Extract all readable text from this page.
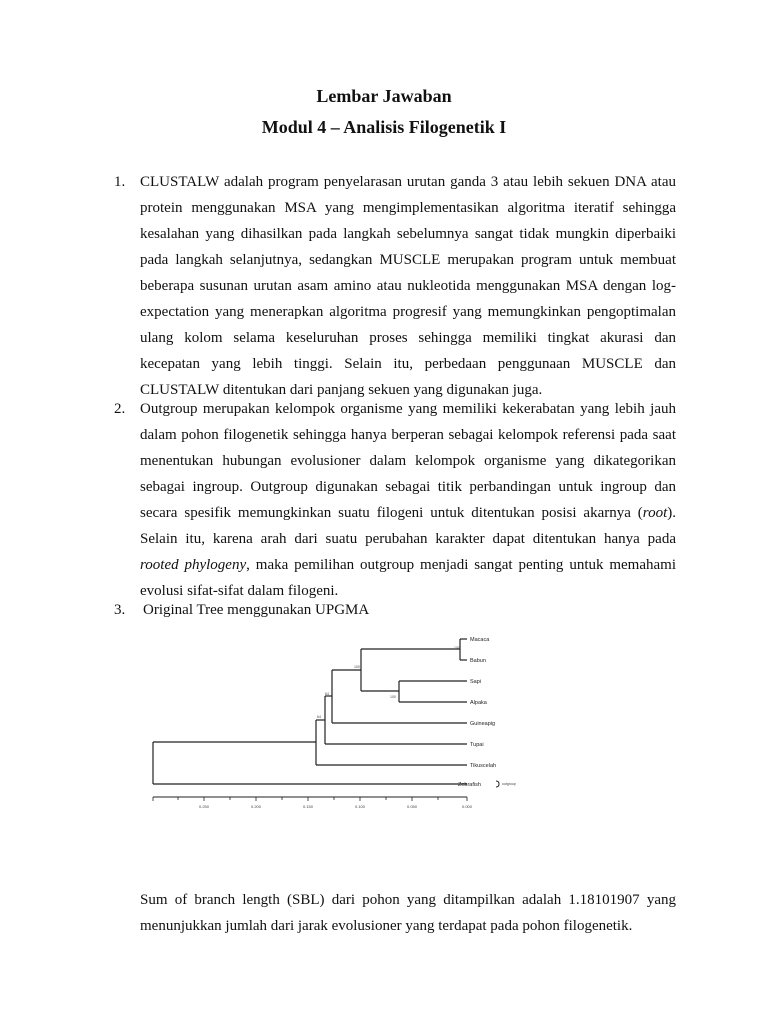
Lembar Jawaban
Modul 4 – Analisis Filogenetik I
1. CLUSTALW adalah program penyelarasan urutan ganda 3 atau lebih sekuen DNA atau
protein menggunakan MSA yang mengimplementasikan algoritma iteratif sehingga
kesalahan yang dihasilkan pada langkah sebelumnya sangat tidak mungkin diperbaiki
pada langkah selanjutnya, sedangkan MUSCLE merupakan program untuk membuat
beberapa susunan urutan asam amino atau nukleotida menggunakan MSA dengan log-
expectation yang menerapkan algoritma progresif yang memungkinkan pengoptimalan
ulang kolom selama keseluruhan proses sehingga memiliki tingkat akurasi dan
kecepatan yang lebih tinggi. Selain itu, perbedaan penggunaan MUSCLE dan
CLUSTALW ditentukan dari panjang sekuen yang digunakan juga.
2. Outgroup merupakan kelompok organisme yang memiliki kekerabatan yang lebih jauh
dalam pohon filogenetik sehingga hanya berperan sebagai kelompok referensi pada saat
menentukan hubungan evolusioner dalam kelompok organisme yang dikategorikan
sebagai ingroup. Outgroup digunakan sebagai titik perbandingan untuk ingroup dan
secara spesifik memungkinkan suatu filogeni untuk ditentukan posisi akarnya (root).
Selain itu, karena arah dari suatu perubahan karakter dapat ditentukan hanya pada
rooted phylogeny, maka pemilihan outgroup menjadi sangat penting untuk memahami
evolusi sifat-sifat dalam filogeni.
3. Original Tree menggunakan UPGMA
Macaca
Babun
Sapi
Alpaka
Guineapig
Tupai
Tikuscelah
Zebrafish	outgroup
100
100
100
64
64
0.250	0.200	0.150	0.100	0.050	0.000
Sum of branch length (SBL) dari pohon yang ditampilkan adalah 1.18101907 yang
menunjukkan jumlah dari jarak evolusioner yang terdapat pada pohon filogenetik.
